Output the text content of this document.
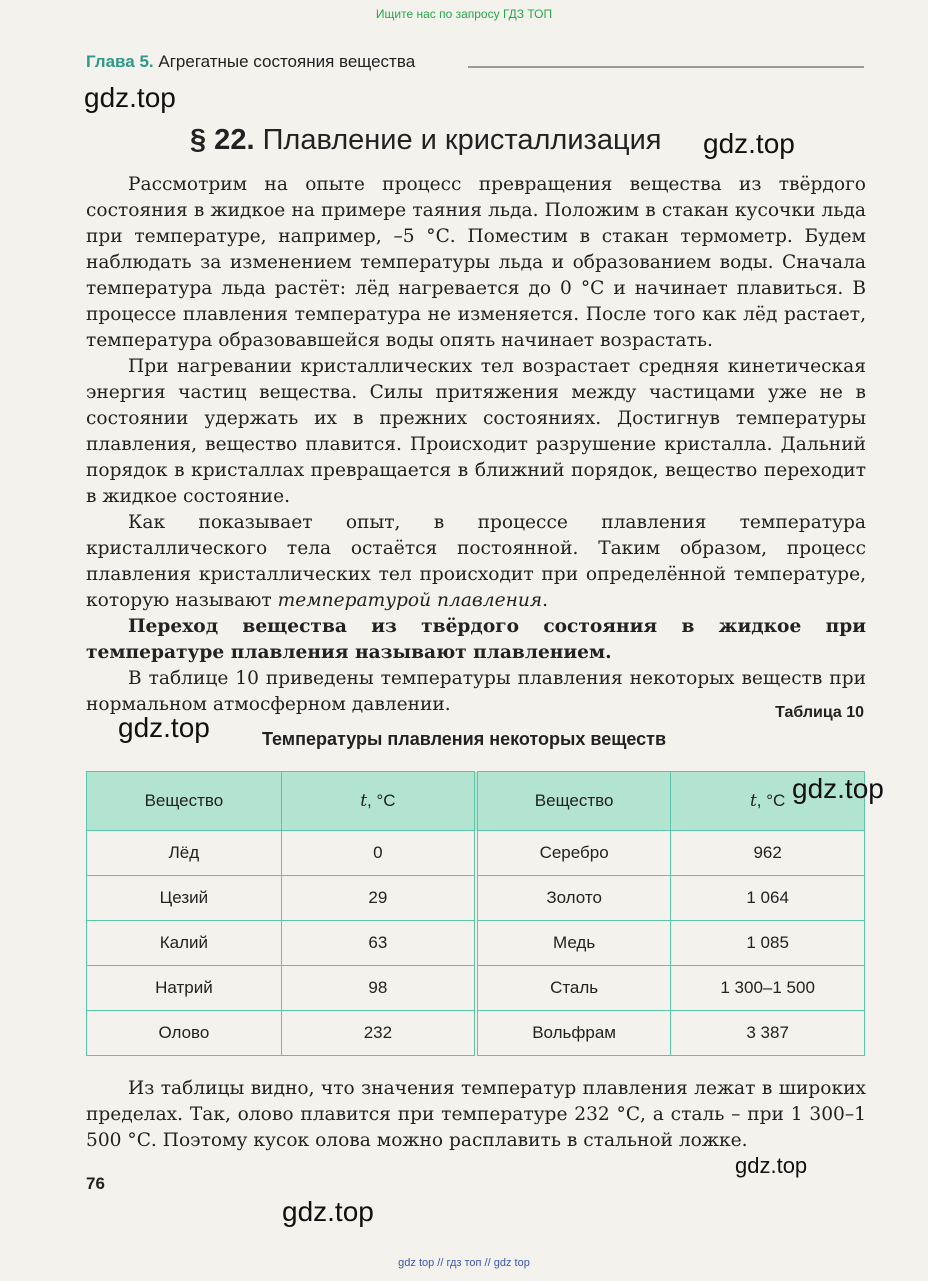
Ищите нас по запросу ГДЗ ТОП
Глава 5. Агрегатные состояния вещества
gdz.top
§ 22. Плавление и кристаллизация gdz.top

Рассмотрим на опыте процесс превращения вещества из твёрдого состояния в жидкое на примере таяния льда. Положим в стакан кусочки льда при температуре, например, –5 °С. Поместим в стакан термометр. Будем наблюдать за изменением температуры льда и образованием воды. Сначала температура льда растёт: лёд нагревается до 0 °С и начинает плавиться. В процессе плавления температура не изменяется. После того как лёд растает, температура образовавшейся воды опять начинает возрастать.

При нагревании кристаллических тел возрастает средняя кинетическая энергия частиц вещества. Силы притяжения между частицами уже не в состоянии удержать их в прежних состояниях. Достигнув температуры плавления, вещество плавится. Происходит разрушение кристалла. Дальний порядок в кристаллах превращается в ближний порядок, вещество переходит в жидкое состояние.

Как показывает опыт, в процессе плавления температура кристаллического тела остаётся постоянной. Таким образом, процесс плавления кристаллических тел происходит при определённой температуре, которую называют температурой плавления.

Переход вещества из твёрдого состояния в жидкое при температуре плавления называют плавлением.

В таблице 10 приведены температуры плавления некоторых веществ при нормальном атмосферном давлении.	Таблица 10
gdz.top	Температуры плавления некоторых веществ
Вещество	t, °С	Вещество	t, °С
Лёд	0	Серебро	962
Цезий	29	Золото	1 064
Калий	63	Медь	1 085
Натрий	98	Сталь	1 300–1 500
Олово	232	Вольфрам	3 387
gdz.top

Из таблицы видно, что значения температур плавления лежат в широких пределах. Так, олово плавится при температуре 232 °С, а сталь – при 1 300–1 500 °С. Поэтому кусок олова можно расплавить в стальной ложке.

gdz.top
76
gdz.top
gdz top // гдз топ // gdz top
